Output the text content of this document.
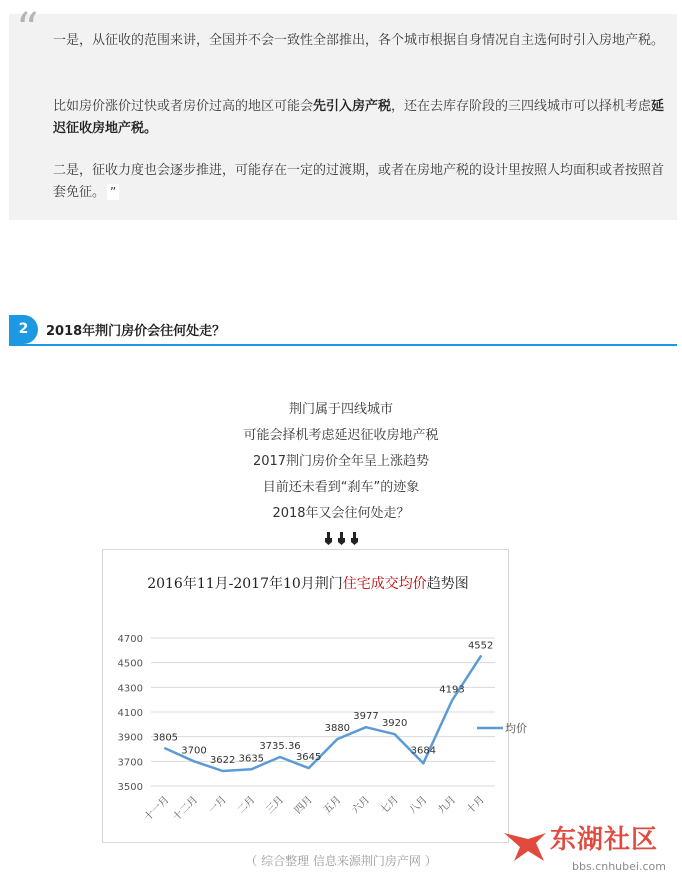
“ 一是，从征收的范围来讲，全国并不会一致性全部推出，各个城市根据自身情况自主选何时引入房地产税。

比如房价涨价过快或者房价过高的地区可能会先引入房产税，还在去库存阶段的三四线城市可以择机考虑延迟征收房地产税。

二是，征收力度也会逐步推进，可能存在一定的过渡期，或者在房地产税的设计里按照人均面积或者按照首套免征。 ”

2	2018年荆门房价会往何处走？
荆门属于四线城市
可能会择机考虑延迟征收房地产税
2017荆门房价全年呈上涨趋势
目前还未看到“刹车”的迹象
2018年又会往何处走？
2016年11月-2017年10月荆门住宅成交均价趋势图
3500
3700
3900
4100
4300
4500
4700
十一月 十二月 一月 二月 三月 四月 五月 六月 七月 八月 九月 十月
3805
3700
3622 3635
3735.36
3645
3880
3977
3920
3684
4193
4552
均价
（ 综合整理 信息来源荆门房产网 ）
东湖社区
bbs.cnhubei.com
